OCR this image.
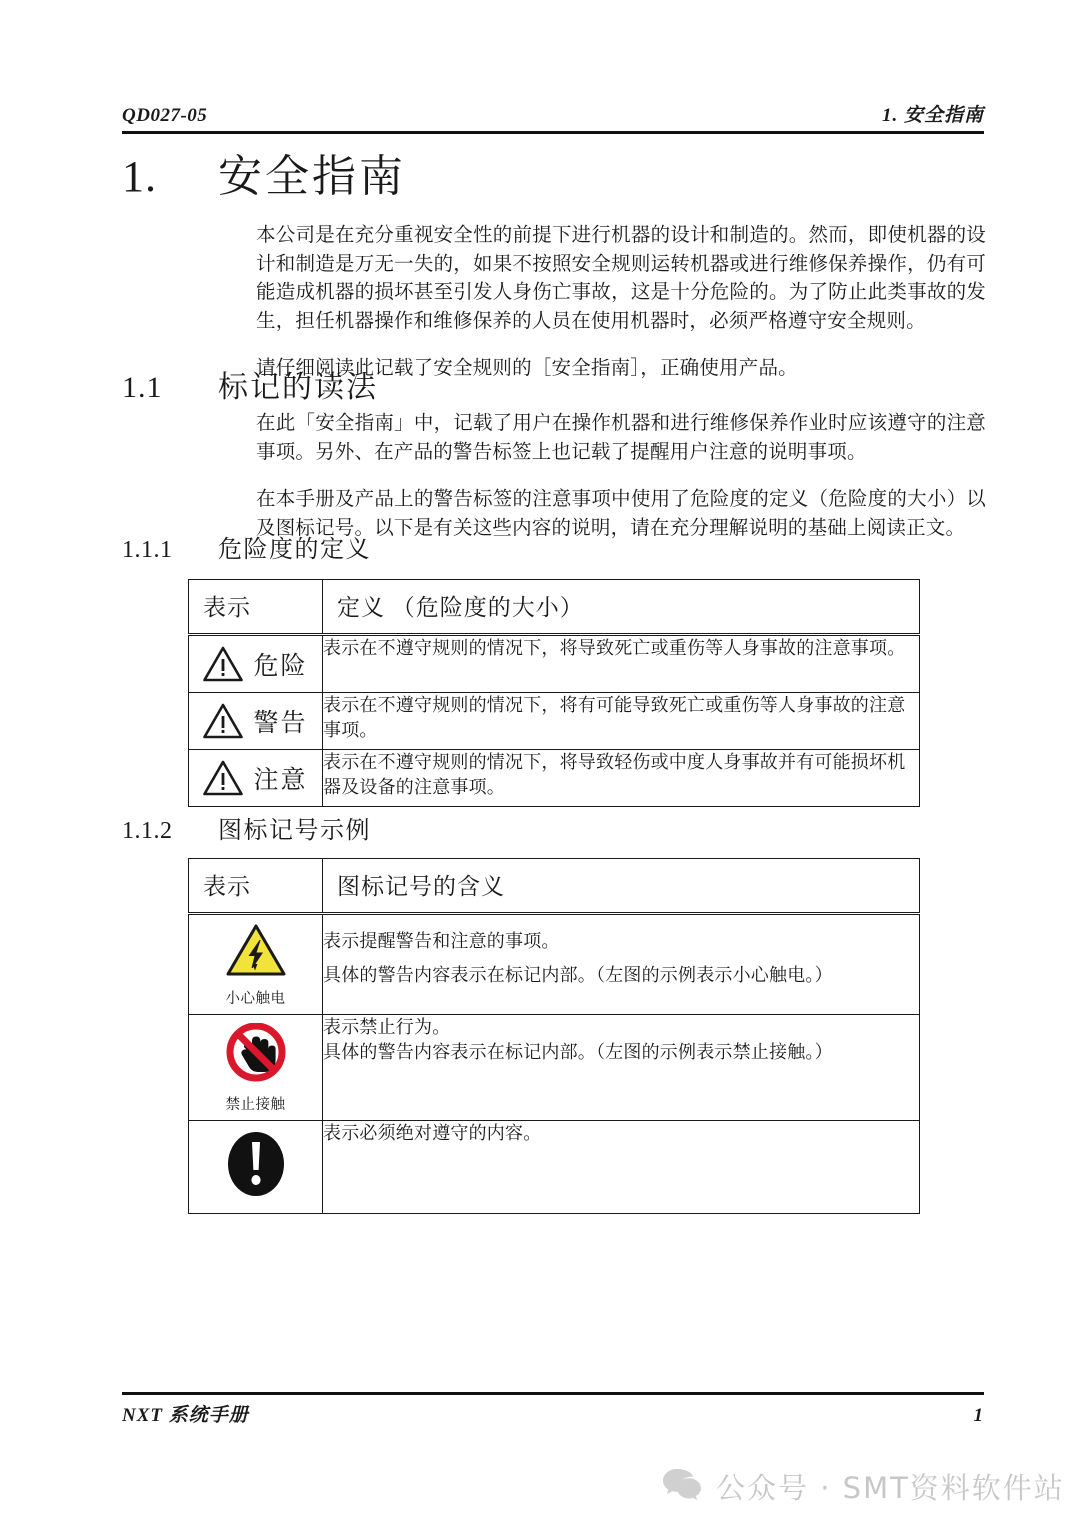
QD027-05	1. 安全指南
1.	安全指南

本公司是在充分重视安全性的前提下进行机器的设计和制造的。然而，即使机器的设计和制造是万无一失的，如果不按照安全规则运转机器或进行维修保养操作，仍有可能造成机器的损坏甚至引发人身伤亡事故，这是十分危险的。为了防止此类事故的发生，担任机器操作和维修保养的人员在使用机器时，必须严格遵守安全规则。

请仔细阅读此记载了安全规则的［安全指南］，正确使用产品。

1.1	标记的读法

在此「安全指南」中，记载了用户在操作机器和进行维修保养作业时应该遵守的注意事项。另外、在产品的警告标签上也记载了提醒用户注意的说明事项。

在本手册及产品上的警告标签的注意事项中使用了危险度的定义（危险度的大小）以及图标记号。以下是有关这些内容的说明，请在充分理解说明的基础上阅读正文。

1.1.1	危险度的定义
表示	定义 （危险度的大小）

危险	表示在不遵守规则的情况下，将导致死亡或重伤等人身事故的注意事项。

警告	表示在不遵守规则的情况下，将有可能导致死亡或重伤等人身事故的注意事项。

注意	表示在不遵守规则的情况下，将导致轻伤或中度人身事故并有可能损坏机器及设备的注意事项。
1.1.2	图标记号示例
表示	图标记号的含义

小心触电	表示提醒警告和注意的事项。
具体的警告内容表示在标记内部。（左图的示例表示小心触电。）

禁止接触	表示禁止行为。
具体的警告内容表示在标记内部。（左图的示例表示禁止接触。）

表示必须绝对遵守的内容。
NXT 系统手册	1
公众号 · SMT资料软件站
